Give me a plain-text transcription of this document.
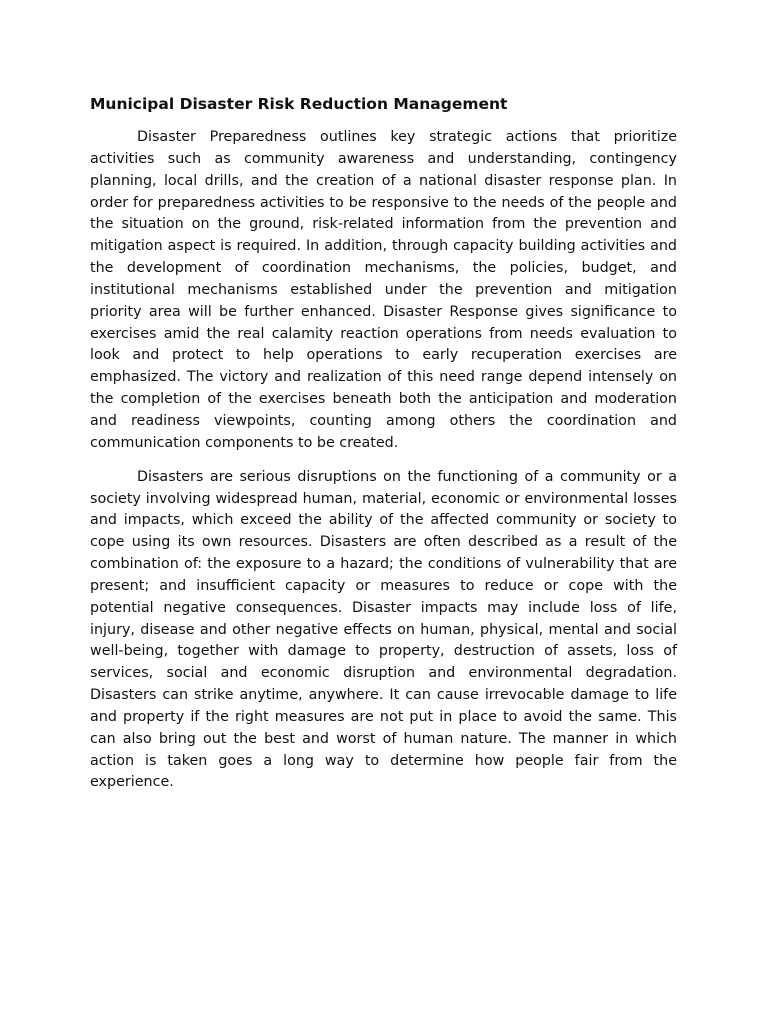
Municipal Disaster Risk Reduction Management

Disaster Preparedness outlines key strategic actions that prioritize activities such as community awareness and understanding, contingency planning, local drills, and the creation of a national disaster response plan. In order for preparedness activities to be responsive to the needs of the people and the situation on the ground, risk-related information from the prevention and mitigation aspect is required. In addition, through capacity building activities and the development of coordination mechanisms, the policies, budget, and institutional mechanisms established under the prevention and mitigation priority area will be further enhanced. Disaster Response gives significance to exercises amid the real calamity reaction operations from needs evaluation to look and protect to help operations to early recuperation exercises are emphasized. The victory and realization of this need range depend intensely on the completion of the exercises beneath both the anticipation and moderation and readiness viewpoints, counting among others the coordination and communication components to be created.

Disasters are serious disruptions on the functioning of a community or a society involving widespread human, material, economic or environmental losses and impacts, which exceed the ability of the affected community or society to cope using its own resources. Disasters are often described as a result of the combination of: the exposure to a hazard; the conditions of vulnerability that are present; and insufficient capacity or measures to reduce or cope with the potential negative consequences. Disaster impacts may include loss of life, injury, disease and other negative effects on human, physical, mental and social well-being, together with damage to property, destruction of assets, loss of services, social and economic disruption and environmental degradation. Disasters can strike anytime, anywhere. It can cause irrevocable damage to life and property if the right measures are not put in place to avoid the same. This can also bring out the best and worst of human nature. The manner in which action is taken goes a long way to determine how people fair from the experience.
